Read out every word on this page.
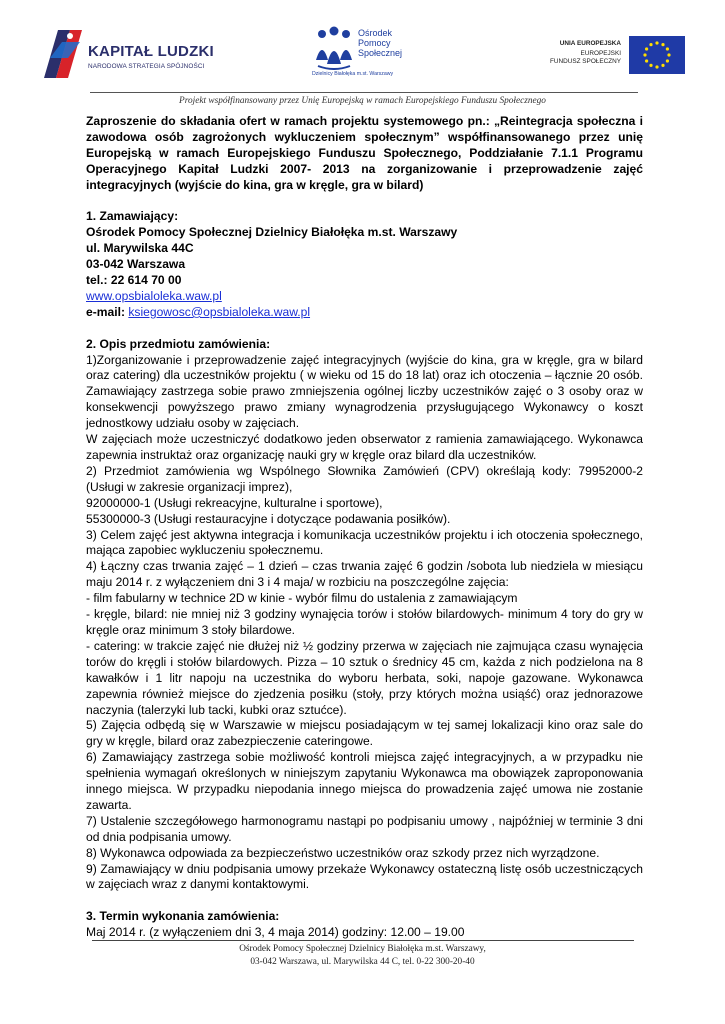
KAPITAŁ LUDZKI
NARODOWA STRATEGIA SPÓJNOŚCI
Ośrodek
Pomocy
Społecznej
Dzielnicy Białołęka m.st. Warszawy
UNIA EUROPEJSKA
EUROPEJSKI
FUNDUSZ SPOŁECZNY
Projekt współfinansowany przez Unię Europejską w ramach Europejskiego Funduszu Społecznego

Zaproszenie do składania ofert w ramach projektu systemowego pn.: „Reintegracja społeczna i zawodowa osób zagrożonych wykluczeniem społecznym” współfinansowanego przez unię Europejską w ramach Europejskiego Funduszu Społecznego, Poddziałanie 7.1.1 Programu Operacyjnego Kapitał Ludzki 2007- 2013 na zorganizowanie i przeprowadzenie zajęć integracyjnych (wyjście do kina, gra w kręgle, gra w bilard)

1. Zamawiający:

Ośrodek Pomocy Społecznej Dzielnicy Białołęka m.st. Warszawy

ul. Marywilska 44C

03-042 Warszawa

tel.: 22 614 70 00

www.opsbialoleka.waw.pl

e-mail: ksiegowosc@opsbialoleka.waw.pl

2. Opis przedmiotu zamówienia:

1)Zorganizowanie i przeprowadzenie zajęć integracyjnych (wyjście do kina, gra w kręgle, gra w bilard oraz catering) dla uczestników projektu ( w wieku od 15 do 18 lat) oraz ich otoczenia – łącznie 20 osób. Zamawiający zastrzega sobie prawo zmniejszenia ogólnej liczby uczestników zajęć o 3 osoby oraz w konsekwencji powyższego prawo zmiany wynagrodzenia przysługującego Wykonawcy o koszt jednostkowy udziału osoby w zajęciach.

W zajęciach może uczestniczyć dodatkowo jeden obserwator z ramienia zamawiającego. Wykonawca zapewnia instruktaż oraz organizację nauki gry w kręgle oraz bilard dla uczestników.

2) Przedmiot zamówienia wg Wspólnego Słownika Zamówień (CPV) określają kody: 79952000-2 (Usługi w zakresie organizacji imprez),

92000000-1 (Usługi rekreacyjne, kulturalne i sportowe),

55300000-3 (Usługi restauracyjne i dotyczące podawania posiłków).

3) Celem zajęć jest aktywna integracja i komunikacja uczestników projektu i ich otoczenia społecznego, mająca zapobiec wykluczeniu społecznemu.

4) Łączny czas trwania zajęć – 1 dzień – czas trwania zajęć 6 godzin /sobota lub niedziela w miesiącu maju 2014 r. z wyłączeniem dni 3 i 4 maja/ w rozbiciu na poszczególne zajęcia:

- film fabularny w technice 2D w kinie - wybór filmu do ustalenia z zamawiającym

- kręgle, bilard: nie mniej niż 3 godziny wynajęcia torów i stołów bilardowych- minimum 4 tory do gry w kręgle oraz minimum 3 stoły bilardowe.

- catering: w trakcie zajęć nie dłużej niż ½ godziny przerwa w zajęciach nie zajmująca czasu wynajęcia torów do kręgli i stołów bilardowych. Pizza – 10 sztuk o średnicy 45 cm, każda z nich podzielona na 8 kawałków i 1 litr napoju na uczestnika do wyboru herbata, soki, napoje gazowane. Wykonawca zapewnia również miejsce do zjedzenia posiłku (stoły, przy których można usiąść) oraz jednorazowe naczynia (talerzyki lub tacki, kubki oraz sztućce).

5) Zajęcia odbędą się w Warszawie w miejscu posiadającym w tej samej lokalizacji kino oraz sale do gry w kręgle, bilard oraz zabezpieczenie cateringowe.

6) Zamawiający zastrzega sobie możliwość kontroli miejsca zajęć integracyjnych, a w przypadku nie spełnienia wymagań określonych w niniejszym zapytaniu Wykonawca ma obowiązek zaproponowania innego miejsca. W przypadku niepodania innego miejsca do prowadzenia zajęć umowa nie zostanie zawarta.

7) Ustalenie szczegółowego harmonogramu nastąpi po podpisaniu umowy , najpóźniej w terminie 3 dni od dnia podpisania umowy.

8) Wykonawca odpowiada za bezpieczeństwo uczestników oraz szkody przez nich wyrządzone.

9) Zamawiający w dniu podpisania umowy przekaże Wykonawcy ostateczną listę osób uczestniczących w zajęciach wraz z danymi kontaktowymi.

3. Termin wykonania zamówienia:

Maj 2014 r. (z wyłączeniem dni 3, 4 maja 2014) godziny: 12.00 – 19.00

Ośrodek Pomocy Społecznej Dzielnicy Białołęka m.st. Warszawy,
03-042 Warszawa, ul. Marywilska 44 C, tel. 0-22 300-20-40
